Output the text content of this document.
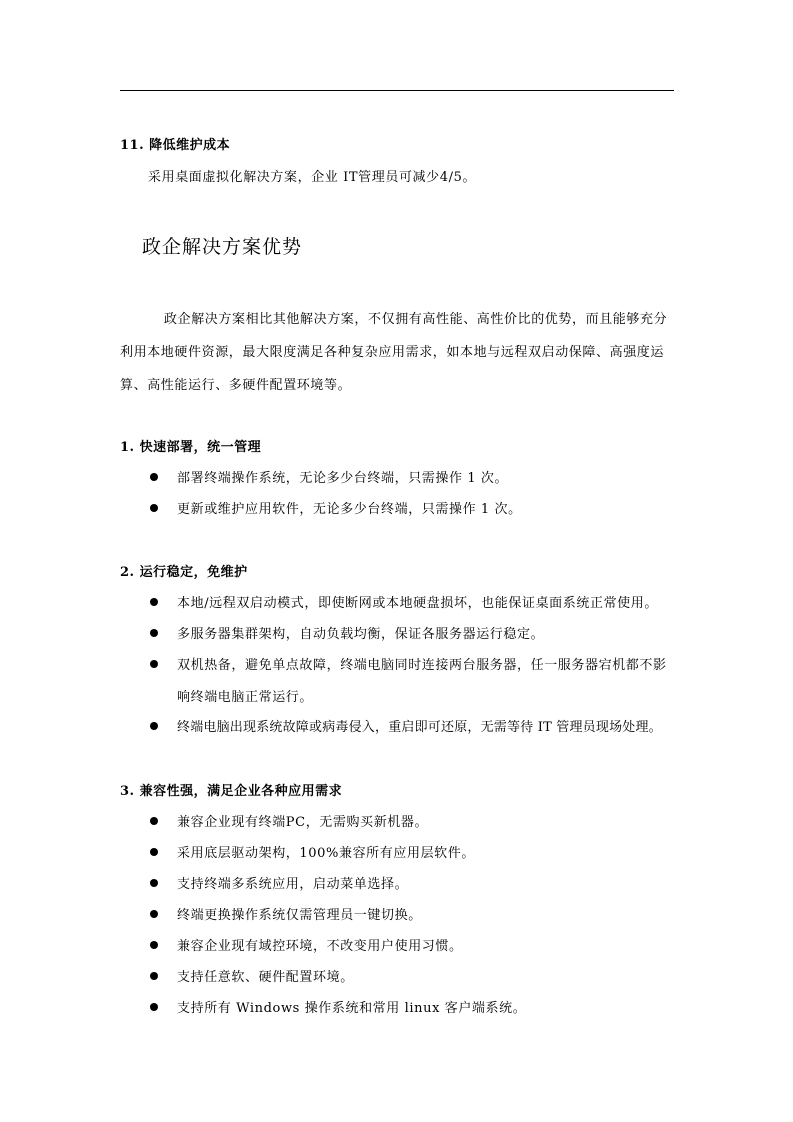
11. 降低维护成本
采用桌面虚拟化解决方案，企业 IT管理员可减少4/5。
政企解决方案优势

政企解决方案相比其他解决方案，不仅拥有高性能、高性价比的优势，而且能够充分

利用本地硬件资源，最大限度满足各种复杂应用需求，如本地与远程双启动保障、高强度运

算、高性能运行、多硬件配置环境等。

1. 快速部署，统一管理
部署终端操作系统，无论多少台终端，只需操作 1 次。
更新或维护应用软件，无论多少台终端，只需操作 1 次。
2. 运行稳定，免维护
本地/远程双启动模式，即使断网或本地硬盘损坏，也能保证桌面系统正常使用。
多服务器集群架构，自动负载均衡，保证各服务器运行稳定。
双机热备，避免单点故障，终端电脑同时连接两台服务器，任一服务器宕机都不影
响终端电脑正常运行。
终端电脑出现系统故障或病毒侵入，重启即可还原，无需等待 IT 管理员现场处理。
3. 兼容性强，满足企业各种应用需求
兼容企业现有终端PC，无需购买新机器。
采用底层驱动架构，100%兼容所有应用层软件。
支持终端多系统应用，启动菜单选择。
终端更换操作系统仅需管理员一键切换。
兼容企业现有域控环境，不改变用户使用习惯。
支持任意软、硬件配置环境。
支持所有 Windows 操作系统和常用 linux 客户端系统。
